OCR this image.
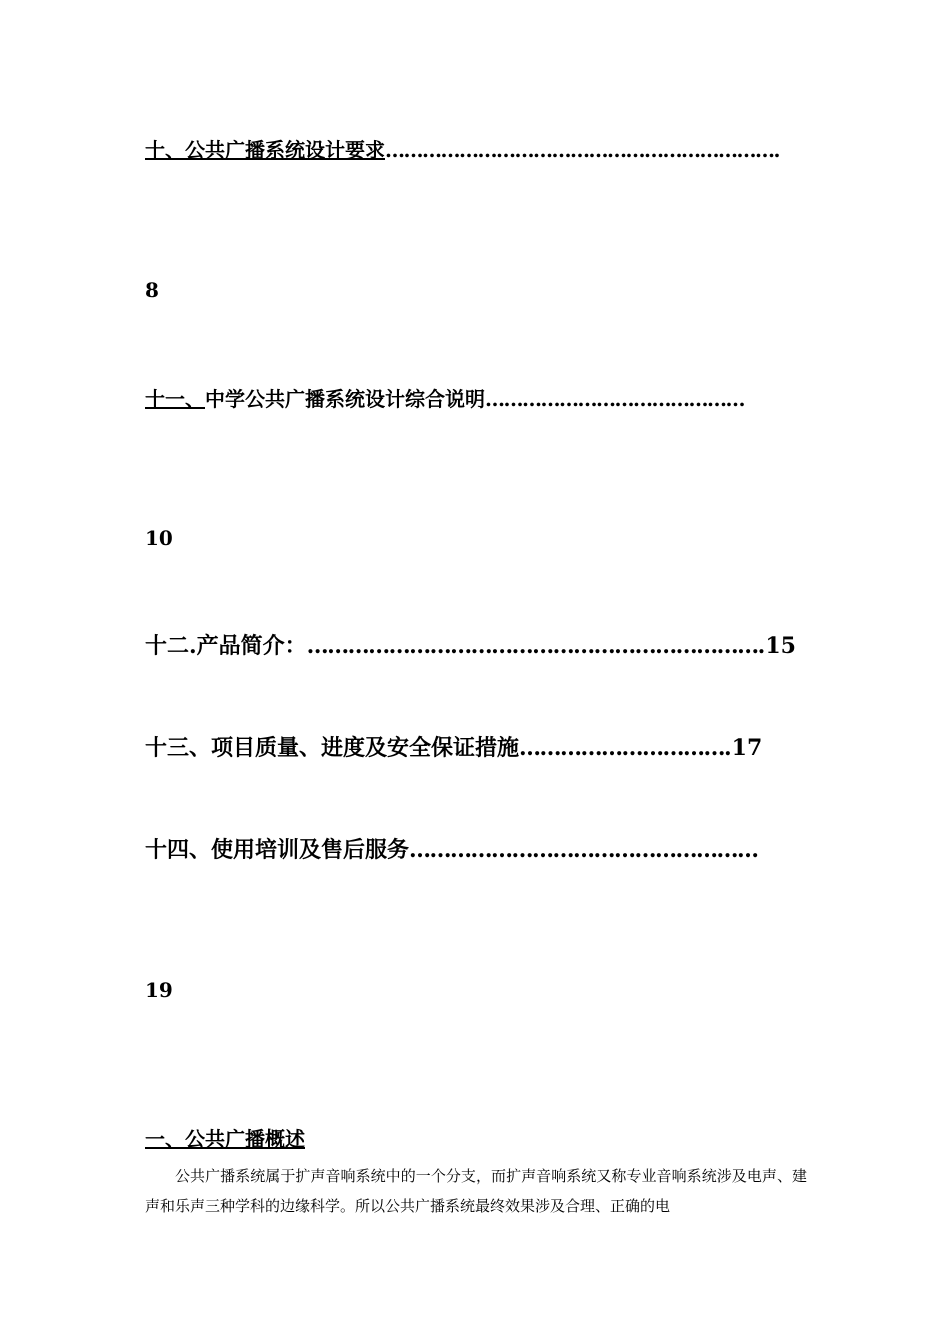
十、公共广播系统设计要求……………………………………………………….
8
十一、中学公共广播系统设计综合说明……………………………………
10
十二.产品简介：………………………………………………………….15
十三、项目质量、进度及安全保证措施………………………….17
十四、使用培训及售后服务……………………………………………
19
一、公共广播概述
公共广播系统属于扩声音响系统中的一个分支，而扩声音响系统又称专业音响系统涉及电声、建声和乐声三种学科的边缘科学。所以公共广播系统最终效果涉及合理、正确的电
